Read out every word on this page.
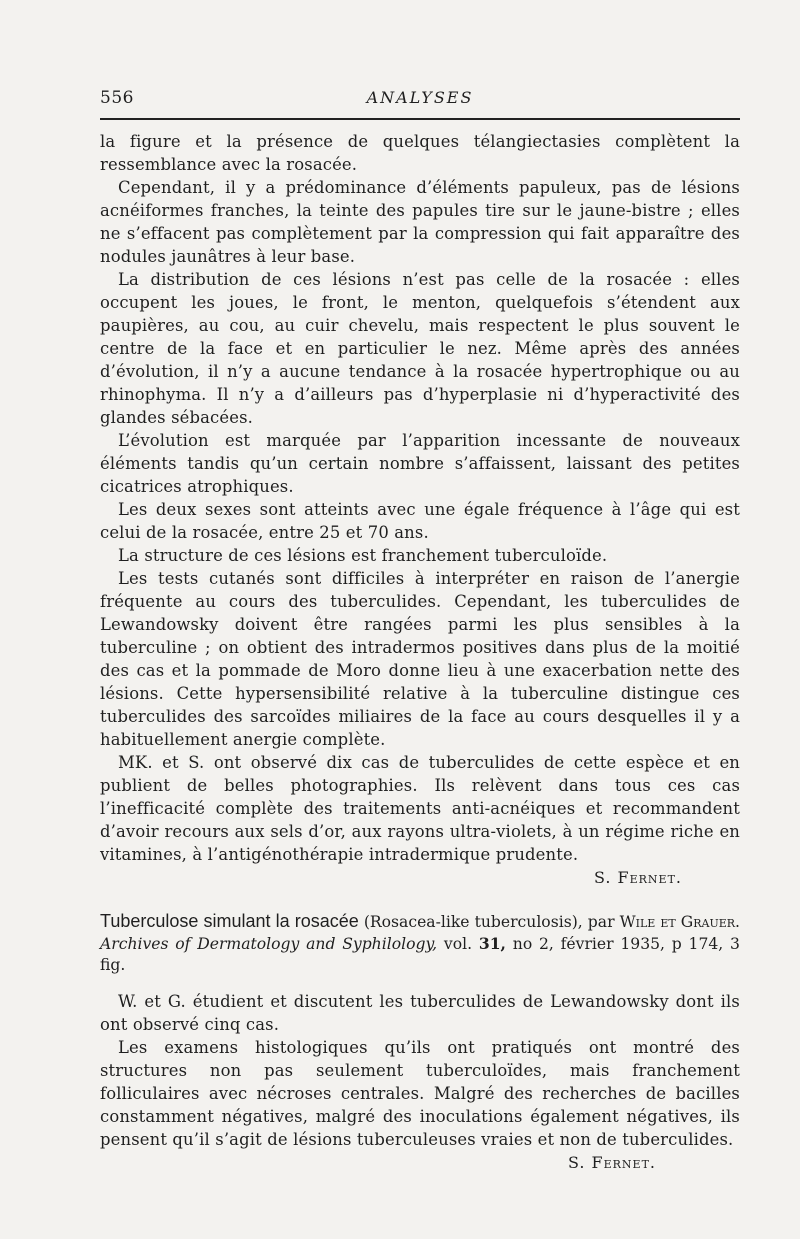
556	ANALYSES

la figure et la présence de quelques télangiectasies complètent la ressemblance avec la rosacée.

Cependant, il y a prédominance d’éléments papuleux, pas de lésions acnéiformes franches, la teinte des papules tire sur le jaune-bistre ; elles ne s’effacent pas complètement par la compression qui fait apparaître des nodules jaunâtres à leur base.

La distribution de ces lésions n’est pas celle de la rosacée : elles occupent les joues, le front, le menton, quelquefois s’étendent aux paupières, au cou, au cuir chevelu, mais respectent le plus souvent le centre de la face et en particulier le nez. Même après des années d’évolution, il n’y a aucune tendance à la rosacée hypertrophique ou au rhinophyma. Il n’y a d’ailleurs pas d’hyperplasie ni d’hyperactivité des glandes sébacées.

L’évolution est marquée par l’apparition incessante de nouveaux éléments tandis qu’un certain nombre s’affaissent, laissant des petites cicatrices atrophiques.

Les deux sexes sont atteints avec une égale fréquence à l’âge qui est celui de la rosacée, entre 25 et 70 ans.

La structure de ces lésions est franchement tuberculoïde.

Les tests cutanés sont difficiles à interpréter en raison de l’anergie fréquente au cours des tuberculides. Cependant, les tuberculides de Lewandowsky doivent être rangées parmi les plus sensibles à la tuberculine ; on obtient des intradermos positives dans plus de la moitié des cas et la pommade de Moro donne lieu à une exacerbation nette des lésions. Cette hypersensibilité relative à la tuberculine distingue ces tuberculides des sarcoïdes miliaires de la face au cours desquelles il y a habituellement anergie complète.

MK. et S. ont observé dix cas de tuberculides de cette espèce et en publient de belles photographies. Ils relèvent dans tous ces cas l’inefficacité complète des traitements anti-acnéiques et recommandent d’avoir recours aux sels d’or, aux rayons ultra-violets, à un régime riche en vitamines, à l’antigénothérapie intradermique prudente.

S. Fernet.
Tuberculose simulant la rosacée (Rosacea-like tuberculosis), par Wile et Grauer. Archives of Dermatology and Syphilology, vol. 31, no 2, février 1935, p 174, 3 fig.

W. et G. étudient et discutent les tuberculides de Lewandowsky dont ils ont observé cinq cas.

Les examens histologiques qu’ils ont pratiqués ont montré des structures non pas seulement tuberculoïdes, mais franchement folliculaires avec nécroses centrales. Malgré des recherches de bacilles constamment négatives, malgré des inoculations également négatives, ils pensent qu’il s’agit de lésions tuberculeuses vraies et non de tuberculides.

S. Fernet.
